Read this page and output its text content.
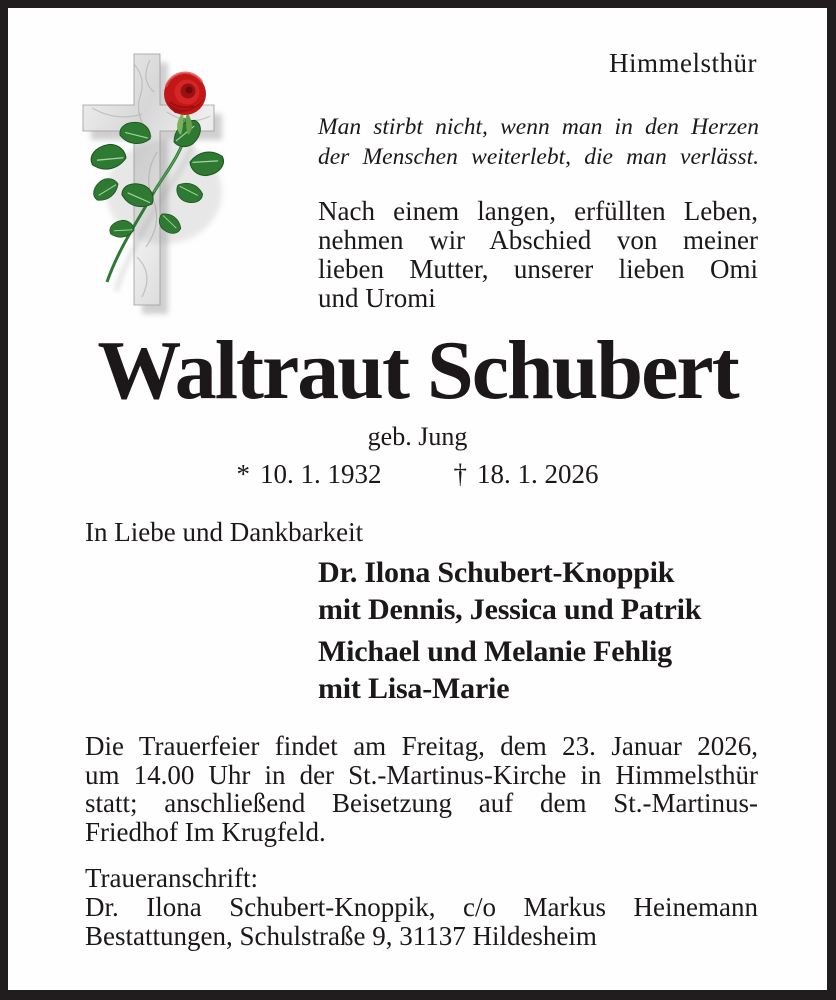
Himmelsthür
Man stirbt nicht, wenn man in den Herzen
der Menschen weiterlebt, die man verlässt.
Nach einem langen, erfüllten Leben,
nehmen wir Abschied von meiner
lieben Mutter, unserer lieben Omi
und Uromi
Waltraut Schubert
geb. Jung
* 10. 1. 1932	† 18. 1. 2026
In Liebe und Dankbarkeit
Dr. Ilona Schubert-Knoppik
mit Dennis, Jessica und Patrik
Michael und Melanie Fehlig
mit Lisa-Marie
Die Trauerfeier findet am Freitag, dem 23. Januar 2026,
um 14.00 Uhr in der St.-Martinus-Kirche in Himmelsthür
statt; anschließend Beisetzung auf dem St.-Martinus-
Friedhof Im Krugfeld.
Traueranschrift:
Dr. Ilona Schubert-Knoppik, c/o Markus Heinemann
Bestattungen, Schulstraße 9, 31137 Hildesheim
